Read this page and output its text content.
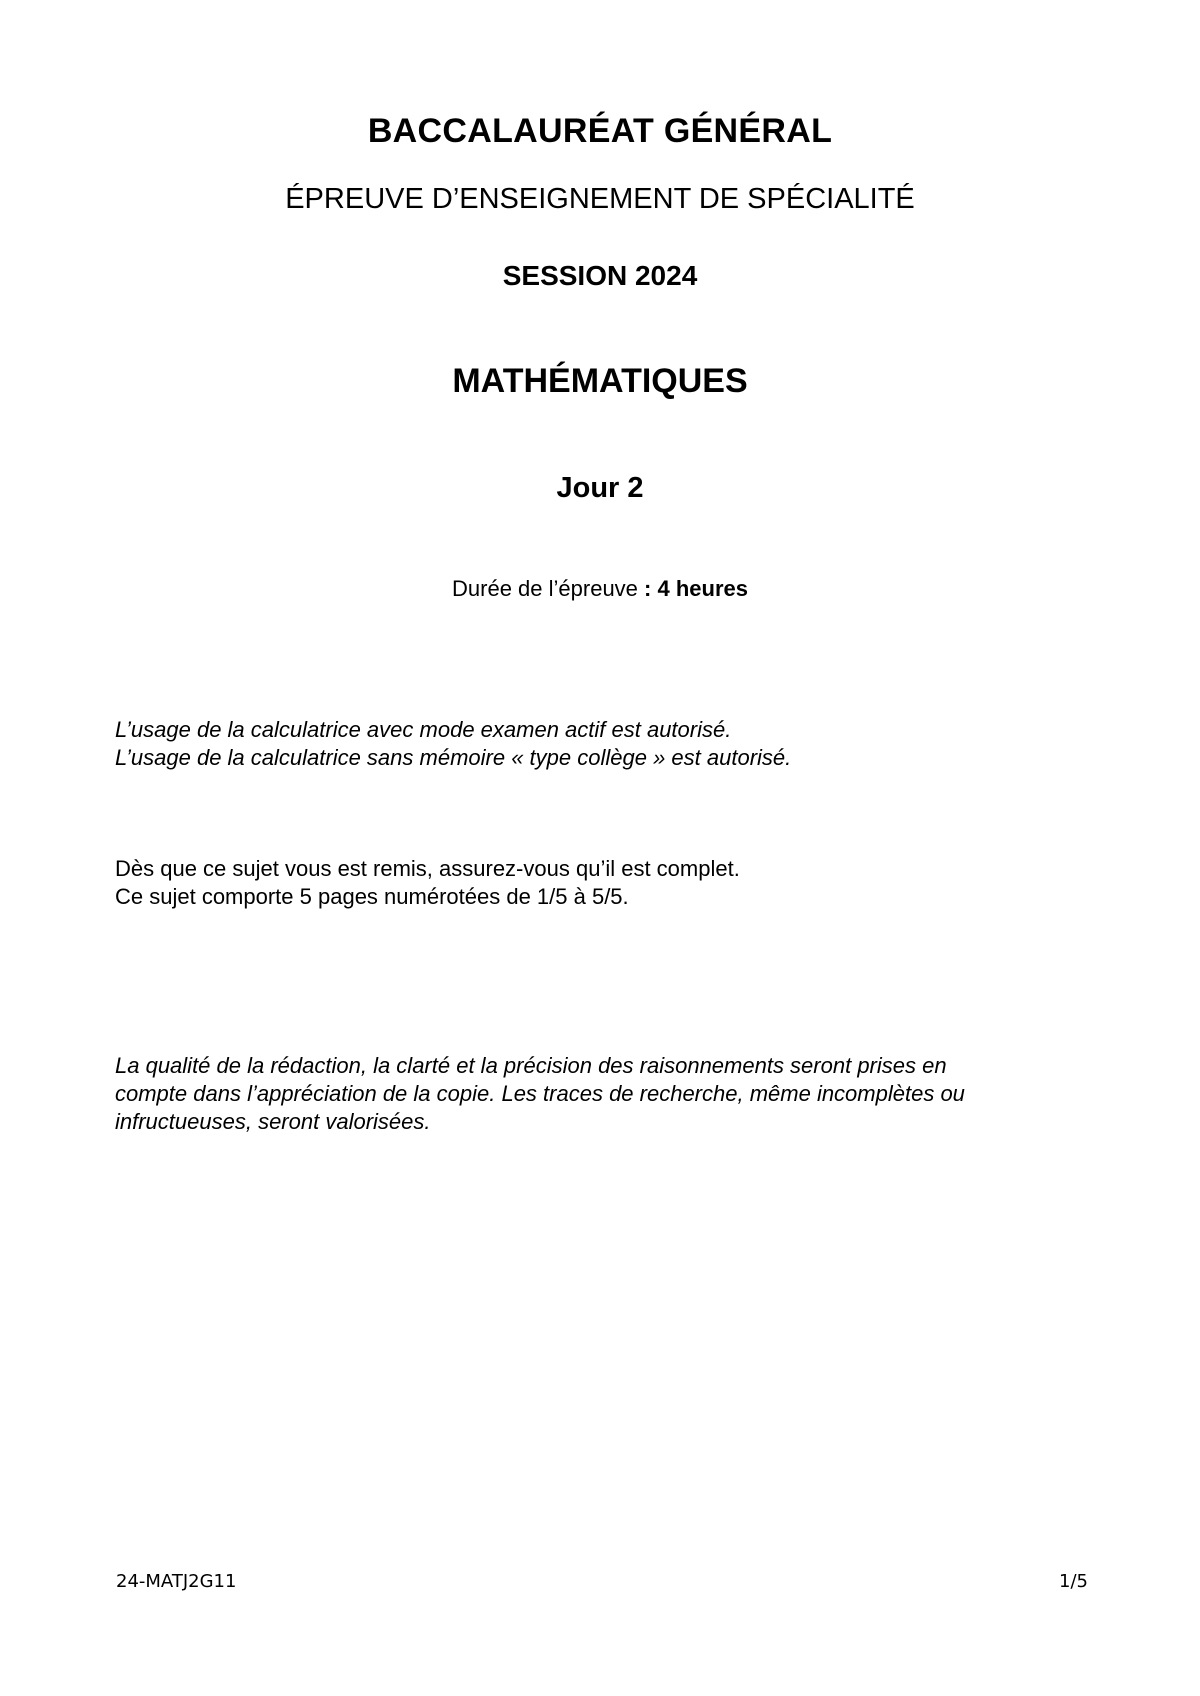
BACCALAURÉAT GÉNÉRAL
ÉPREUVE D’ENSEIGNEMENT DE SPÉCIALITÉ
SESSION 2024
MATHÉMATIQUES
Jour 2
Durée de l’épreuve : 4 heures

L’usage de la calculatrice avec mode examen actif est autorisé.

L’usage de la calculatrice sans mémoire « type collège » est autorisé.

Dès que ce sujet vous est remis, assurez-vous qu’il est complet.

Ce sujet comporte 5 pages numérotées de 1/5 à 5/5.

La qualité de la rédaction, la clarté et la précision des raisonnements seront prises en

compte dans l’appréciation de la copie. Les traces de recherche, même incomplètes ou

infructueuses, seront valorisées.

24-MATJ2G11	1/5
